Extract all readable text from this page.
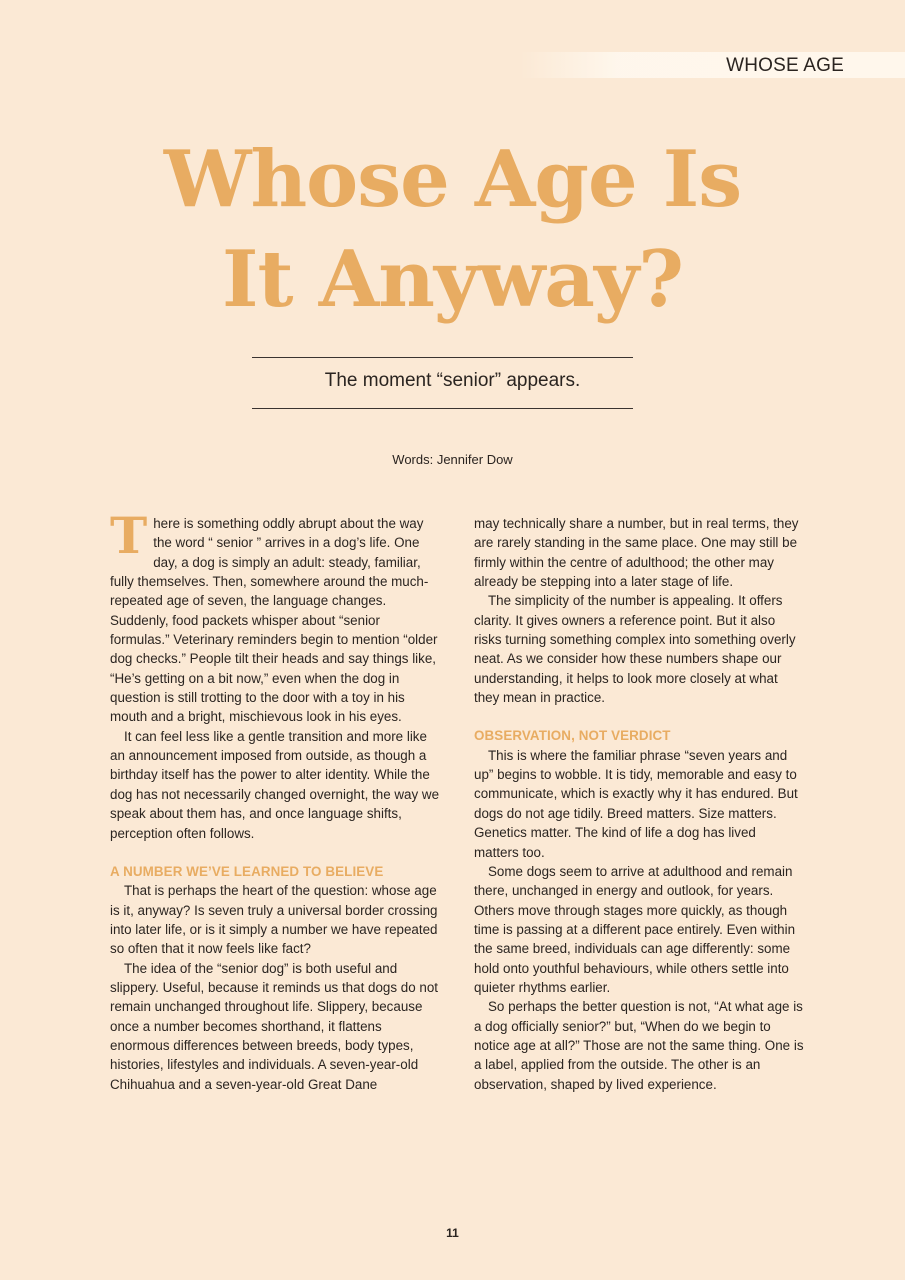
WHOSE AGE
Whose Age Is
It Anyway?
The moment “senior” appears.
Words: Jennifer Dow

There is something oddly abrupt about the way the word “ senior ” arrives in a dog’s life. One day, a dog is simply an adult: steady, familiar, fully themselves. Then, somewhere around the much-repeated age of seven, the language changes. Suddenly, food packets whisper about “senior formulas.” Veterinary reminders begin to mention “older dog checks.” People tilt their heads and say things like, “He’s getting on a bit now,” even when the dog in question is still trotting to the door with a toy in his mouth and a bright, mischievous look in his eyes.

It can feel less like a gentle transition and more like an announcement imposed from outside, as though a birthday itself has the power to alter identity. While the dog has not necessarily changed overnight, the way we speak about them has, and once language shifts, perception often follows.

A NUMBER WE’VE LEARNED TO BELIEVE

That is perhaps the heart of the question: whose age is it, anyway? Is seven truly a universal border crossing into later life, or is it simply a number we have repeated so often that it now feels like fact?

The idea of the “senior dog” is both useful and slippery. Useful, because it reminds us that dogs do not remain unchanged throughout life. Slippery, because once a number becomes shorthand, it flattens enormous differences between breeds, body types, histories, lifestyles and individuals. A seven-year-old Chihuahua and a seven-year-old Great Dane

may technically share a number, but in real terms, they are rarely standing in the same place. One may still be firmly within the centre of adulthood; the other may already be stepping into a later stage of life.

The simplicity of the number is appealing. It offers clarity. It gives owners a reference point. But it also risks turning something complex into something overly neat. As we consider how these numbers shape our understanding, it helps to look more closely at what they mean in practice.

OBSERVATION, NOT VERDICT

This is where the familiar phrase “seven years and up” begins to wobble. It is tidy, memorable and easy to communicate, which is exactly why it has endured. But dogs do not age tidily. Breed matters. Size matters. Genetics matter. The kind of life a dog has lived matters too.

Some dogs seem to arrive at adulthood and remain there, unchanged in energy and outlook, for years. Others move through stages more quickly, as though time is passing at a different pace entirely. Even within the same breed, individuals can age differently: some hold onto youthful behaviours, while others settle into quieter rhythms earlier.

So perhaps the better question is not, “At what age is a dog officially senior?” but, “When do we begin to notice age at all?” Those are not the same thing. One is a label, applied from the outside. The other is an observation, shaped by lived experience.

11
